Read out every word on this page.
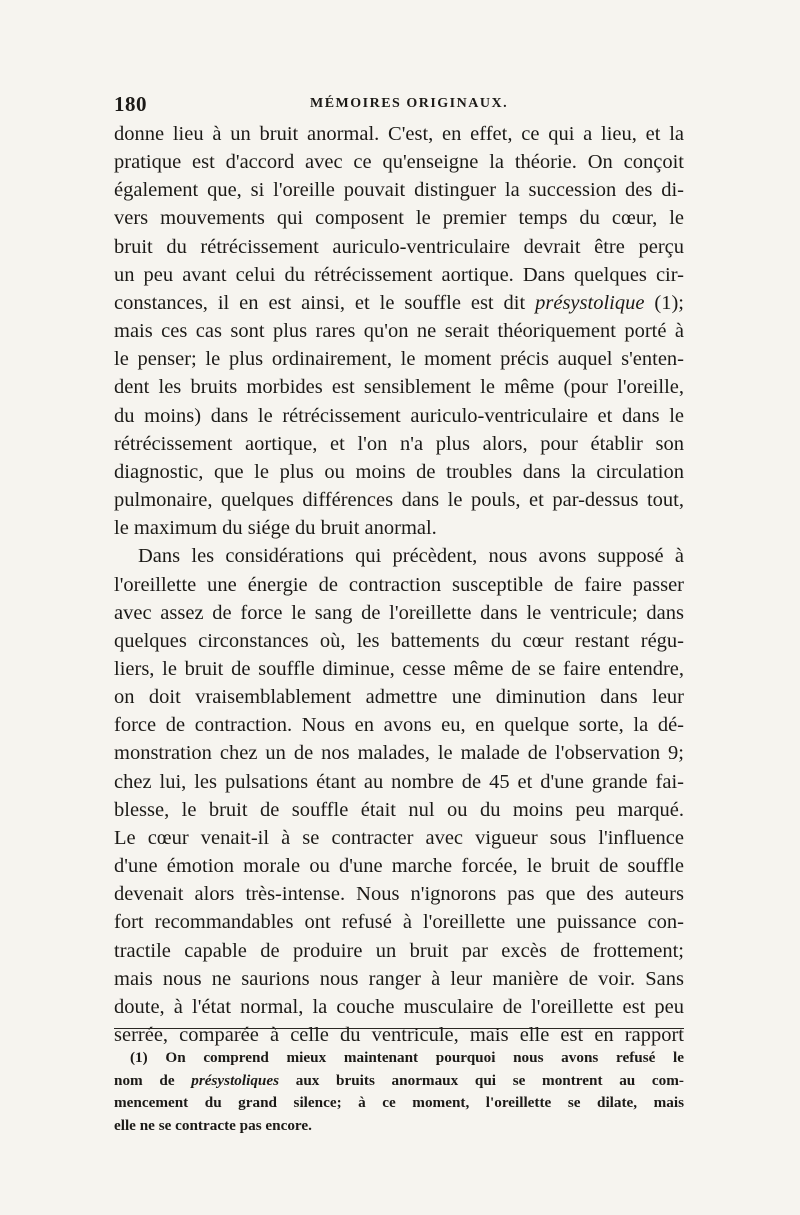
180	MÉMOIRES ORIGINAUX.

donne lieu à un bruit anormal. C'est, en effet, ce qui a lieu, et la
pratique est d'accord avec ce qu'enseigne la théorie. On conçoit
également que, si l'oreille pouvait distinguer la succession des di-
vers mouvements qui composent le premier temps du cœur, le
bruit du rétrécissement auriculo-ventriculaire devrait être perçu
un peu avant celui du rétrécissement aortique. Dans quelques cir-
constances, il en est ainsi, et le souffle est dit présystolique (1);
mais ces cas sont plus rares qu'on ne serait théoriquement porté à
le penser; le plus ordinairement, le moment précis auquel s'enten-
dent les bruits morbides est sensiblement le même (pour l'oreille,
du moins) dans le rétrécissement auriculo-ventriculaire et dans le
rétrécissement aortique, et l'on n'a plus alors, pour établir son
diagnostic, que le plus ou moins de troubles dans la circulation
pulmonaire, quelques différences dans le pouls, et par-dessus tout,
le maximum du siége du bruit anormal.

Dans les considérations qui précèdent, nous avons supposé à
l'oreillette une énergie de contraction susceptible de faire passer
avec assez de force le sang de l'oreillette dans le ventricule; dans
quelques circonstances où, les battements du cœur restant régu-
liers, le bruit de souffle diminue, cesse même de se faire entendre,
on doit vraisemblablement admettre une diminution dans leur
force de contraction. Nous en avons eu, en quelque sorte, la dé-
monstration chez un de nos malades, le malade de l'observation 9;
chez lui, les pulsations étant au nombre de 45 et d'une grande fai-
blesse, le bruit de souffle était nul ou du moins peu marqué.
Le cœur venait-il à se contracter avec vigueur sous l'influence
d'une émotion morale ou d'une marche forcée, le bruit de souffle
devenait alors très-intense. Nous n'ignorons pas que des auteurs
fort recommandables ont refusé à l'oreillette une puissance con-
tractile capable de produire un bruit par excès de frottement;
mais nous ne saurions nous ranger à leur manière de voir. Sans
doute, à l'état normal, la couche musculaire de l'oreillette est peu
serrée, comparée à celle du ventricule, mais elle est en rapport

(1) On comprend mieux maintenant pourquoi nous avons refusé le
nom de présystoliques aux bruits anormaux qui se montrent au com-
mencement du grand silence; à ce moment, l'oreillette se dilate, mais
elle ne se contracte pas encore.
